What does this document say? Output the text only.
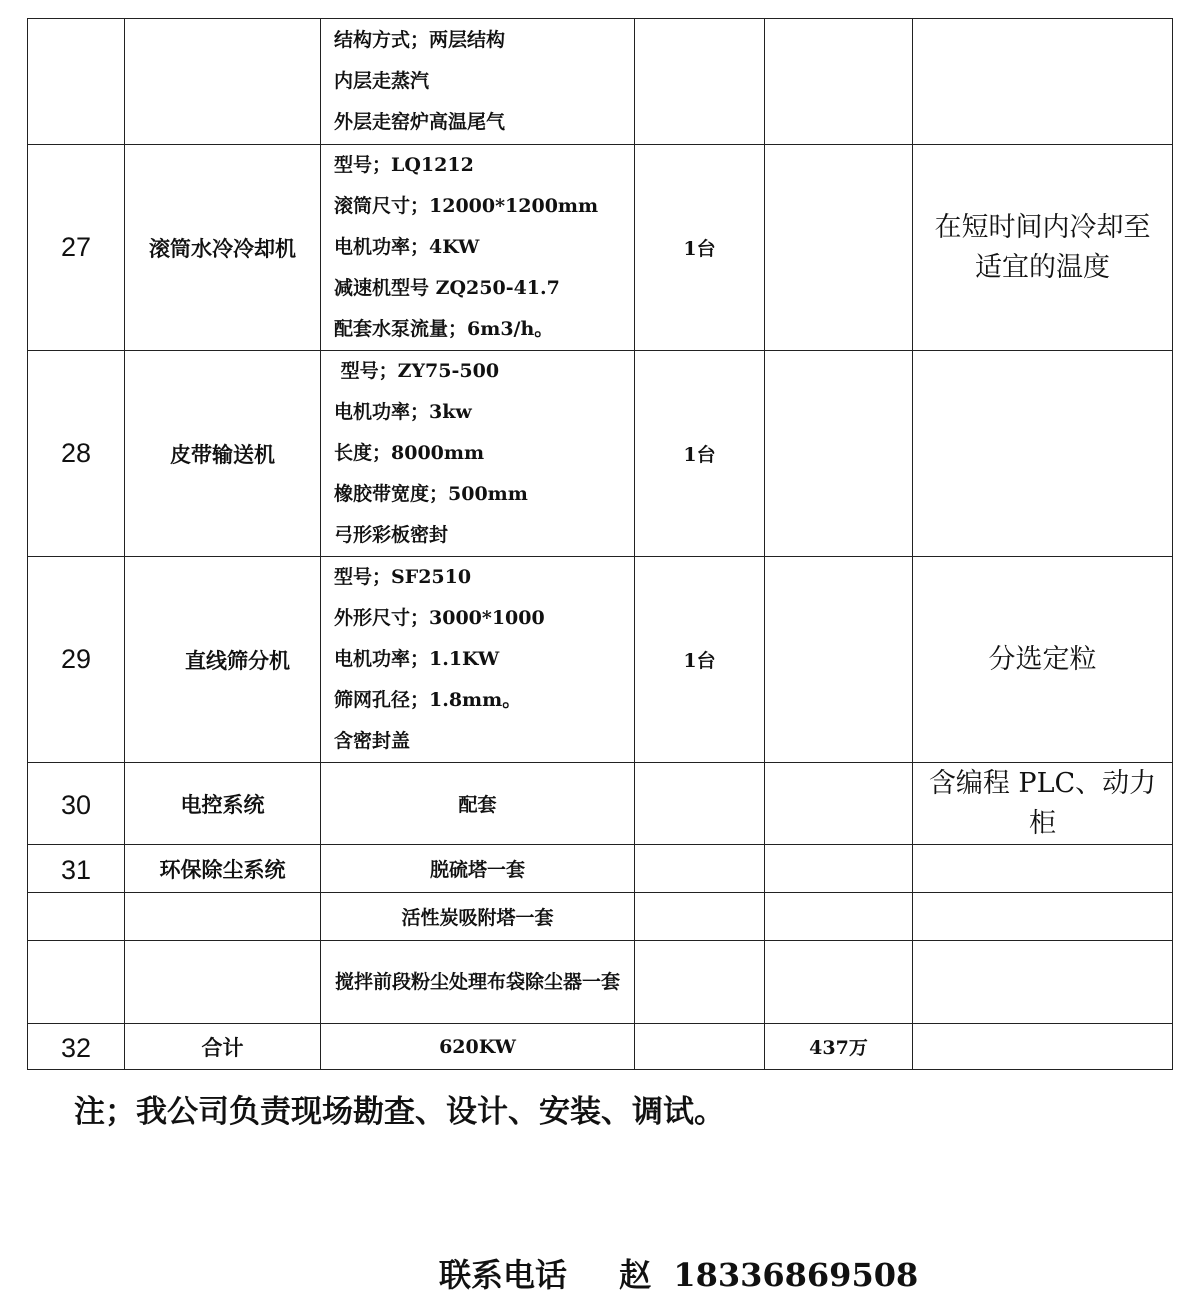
		结构方式；两层结构
内层走蒸汽
外层走窑炉高温尾气			

27	滚筒水冷冷却机	型号；LQ1212
滚筒尺寸；12000*1200mm
电机功率；4KW
减速机型号 ZQ250-41.7
配套水泵流量；6m3/h。	1台		在短时间内冷却至适宜的温度
28	皮带输送机	型号；ZY75-500
电机功率；3kw
长度；8000mm
橡胶带宽度；500mm
弓形彩板密封	1台		
29	直线筛分机	型号；SF2510
外形尺寸；3000*1000
电机功率；1.1KW
筛网孔径；1.8mm。
含密封盖	1台		分选定粒
30	电控系统	配套			含编程 PLC、动力柜
31	环保除尘系统	脱硫塔一套			
		活性炭吸附塔一套			
		搅拌前段粉尘处理布袋除尘器一套			
32	合计	620KW		437万	
注；我公司负责现场勘查、设计、安装、调试。
联系电话 赵 18336869508
